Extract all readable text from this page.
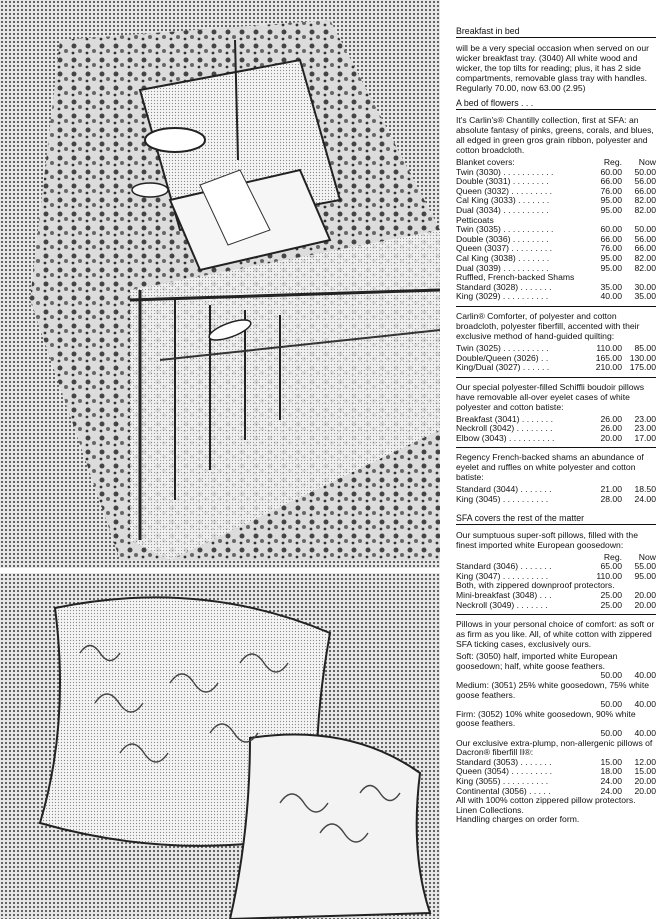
Breakfast in bed
will be a very special occasion when served on our wicker breakfast tray. (3040) All white wood and wicker, the top tilts for reading; plus, it has 2 side compartments, removable glass tray with handles. Regularly 70.00, now 63.00 (2.95)
A bed of flowers . . .
It's Carlin's® Chantilly collection, first at SFA: an absolute fantasy of pinks, greens, corals, and blues, all edged in green gros grain ribbon, polyester and cotton broadcloth.
Blanket covers:	Reg.	Now
Twin (3030) . . . . . . . . . . .	60.00	50.00
Double (3031) . . . . . . . .	66.00	56.00
Queen (3032) . . . . . . . . .	76.00	66.00
Cal King (3033) . . . . . . .	95.00	82.00
Dual (3034) . . . . . . . . . .	95.00	82.00
Petticoats
Twin (3035) . . . . . . . . . . .	60.00	50.00
Double (3036) . . . . . . . .	66.00	56.00
Queen (3037) . . . . . . . . .	76.00	66.00
Cal King (3038) . . . . . . .	95.00	82.00
Dual (3039) . . . . . . . . . .	95.00	82.00
Ruffled, French-backed Shams
Standard (3028) . . . . . . .	35.00	30.00
King (3029) . . . . . . . . . .	40.00	35.00
Carlin® Comforter, of polyester and cotton broadcloth, polyester fiberfill, accented with their exclusive method of hand-guided quilting:
Twin (3025) . . . . . . . . . .	110.00	85.00
Double/Queen (3026) . .	165.00 130.00
King/Dual (3027) . . . . . .	210.00 175.00
Our special polyester-filled Schiffli boudoir pillows have removable all-over eyelet cases of white polyester and cotton batiste:
Breakfast (3041) . . . . . . .	26.00	23.00
Neckroll (3042) . . . . . . . .	26.00	23.00
Elbow (3043) . . . . . . . . . .	20.00	17.00
Regency French-backed shams an abundance of eyelet and ruffles on white polyester and cotton batiste:
Standard (3044) . . . . . . .	21.00	18.50
King (3045) . . . . . . . . . .	28.00	24.00
SFA covers the rest of the matter
Our sumptuous super-soft pillows, filled with the finest imported white European goosedown:
Reg.	Now
Standard (3046) . . . . . . .	65.00	55.00
King (3047) . . . . . . . . . .	110.00	95.00
Both, with zippered downproof protectors.
Mini-breakfast (3048) . . .	25.00	20.00
Neckroll (3049) . . . . . . .	25.00	20.00
Pillows in your personal choice of comfort: as soft or as firm as you like. All, of white cotton with zippered SFA ticking cases, exclusively ours.
Soft: (3050) half, imported white European goosedown; half, white goose feathers.
50.00	40.00
Medium: (3051) 25% white goosedown, 75% white goose feathers.
50.00	40.00
Firm: (3052) 10% white goosedown, 90% white goose feathers.
50.00	40.00
Our exclusive extra-plump, non-allergenic pillows of Dacron® fiberfill II®:
Standard (3053) . . . . . . .	15.00	12.00
Queen (3054) . . . . . . . . .	18.00	15.00
King (3055) . . . . . . . . . .	24.00	20.00
Continental (3056) . . . . .	24.00	20.00
All with 100% cotton zippered pillow protectors.
Linen Collections.
Handling charges on order form.
